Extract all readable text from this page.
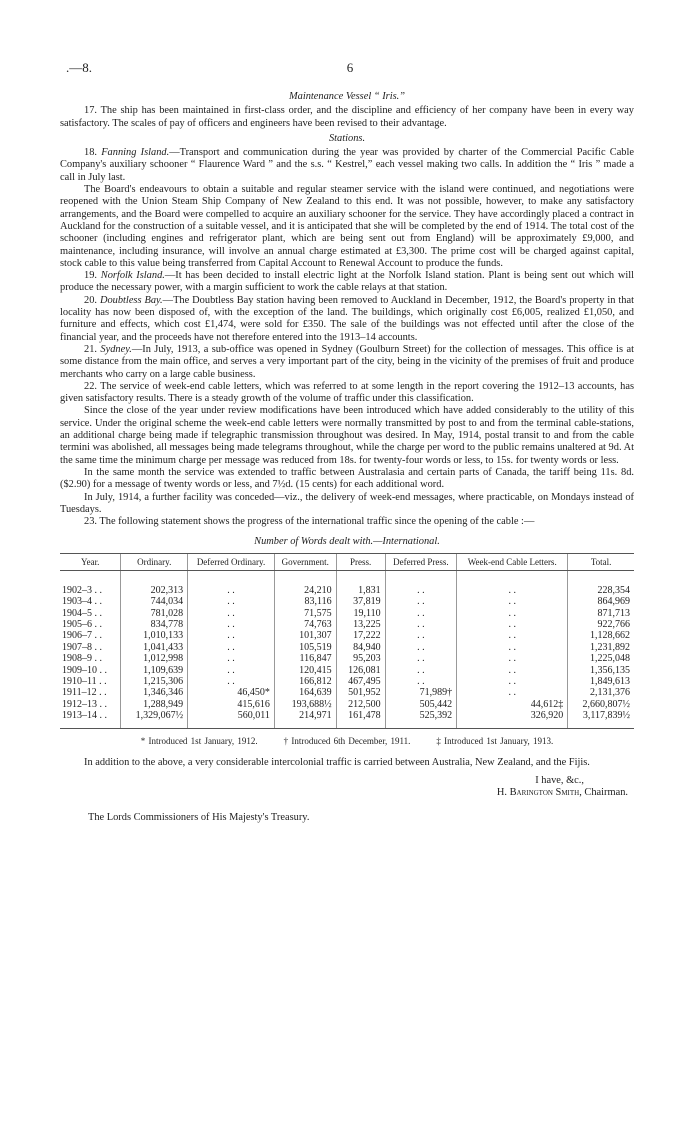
.—8.	6
Maintenance Vessel “ Iris.”

17. The ship has been maintained in first-class order, and the discipline and efficiency of her company have been in every way satisfactory. The scales of pay of officers and engineers have been revised to their advantage.

Stations.

18. Fanning Island.—Transport and communication during the year was provided by charter of the Commercial Pacific Cable Company's auxiliary schooner “ Flaurence Ward ” and the s.s. “ Kestrel,” each vessel making two calls. In addition the “ Iris ” made a call in July last.

The Board's endeavours to obtain a suitable and regular steamer service with the island were continued, and negotiations were reopened with the Union Steam Ship Company of New Zealand to this end. It was not possible, however, to make any satisfactory arrangements, and the Board were compelled to acquire an auxiliary schooner for the service. They have accordingly placed a contract in Auckland for the construction of a suitable vessel, and it is anticipated that she will be completed by the end of 1914. The total cost of the schooner (including engines and refrigerator plant, which are being sent out from England) will be approximately £9,000, and maintenance, including insurance, will involve an annual charge estimated at £3,300. The prime cost will be charged against capital, stock cable to this value being transferred from Capital Account to Renewal Account to produce the funds.

19. Norfolk Island.—It has been decided to install electric light at the Norfolk Island station. Plant is being sent out which will produce the necessary power, with a margin sufficient to work the cable relays at that station.

20. Doubtless Bay.—The Doubtless Bay station having been removed to Auckland in December, 1912, the Board's property in that locality has now been disposed of, with the exception of the land. The buildings, which originally cost £6,005, realized £1,050, and furniture and effects, which cost £1,474, were sold for £350. The sale of the buildings was not effected until after the close of the financial year, and the proceeds have not therefore entered into the 1913–14 accounts.

21. Sydney.—In July, 1913, a sub-office was opened in Sydney (Goulburn Street) for the collection of messages. This office is at some distance from the main office, and serves a very important part of the city, being in the vicinity of the premises of fruit and produce merchants who carry on a large cable business.

22. The service of week-end cable letters, which was referred to at some length in the report covering the 1912–13 accounts, has given satisfactory results. There is a steady growth of the volume of traffic under this classification.

Since the close of the year under review modifications have been introduced which have added considerably to the utility of this service. Under the original scheme the week-end cable letters were normally transmitted by post to and from the terminal cable-stations, an additional charge being made if telegraphic transmission throughout was desired. In May, 1914, postal transit to and from the cable termini was abolished, all messages being made telegrams throughout, while the charge per word to the public remains unaltered at 9d. At the same time the minimum charge per message was reduced from 18s. for twenty-four words or less, to 15s. for twenty words or less.

In the same month the service was extended to traffic between Australasia and certain parts of Canada, the tariff being 11s. 8d. ($2.90) for a message of twenty words or less, and 7½d. (15 cents) for each additional word.

In July, 1914, a further facility was conceded—viz., the delivery of week-end messages, where practicable, on Mondays instead of Tuesdays.

23. The following statement shows the progress of the international traffic since the opening of the cable :—

Number of Words dealt with.—International.
Year.	Ordinary.	Deferred Ordinary.	Government.	Press.	Deferred Press.	Week-end Cable Letters.	Total.

1902–3 . .	202,313	. .	24,210	1,831	. .	. .	228,354
1903–4 . .	744,034	. .	83,116	37,819	. .	. .	864,969
1904–5 . .	781,028	. .	71,575	19,110	. .	. .	871,713
1905–6 . .	834,778	. .	74,763	13,225	. .	. .	922,766
1906–7 . .	1,010,133	. .	101,307	17,222	. .	. .	1,128,662
1907–8 . .	1,041,433	. .	105,519	84,940	. .	. .	1,231,892
1908–9 . .	1,012,998	. .	116,847	95,203	. .	. .	1,225,048
1909–10 . .	1,109,639	. .	120,415	126,081	. .	. .	1,356,135
1910–11 . .	1,215,306	. .	166,812	467,495	. .	. .	1,849,613
1911–12 . .	1,346,346	46,450*	164,639	501,952	71,989†	. .	2,131,376
1912–13 . .	1,288,949	415,616	193,688½	212,500	505,442	44,612‡	2,660,807½
1913–14 . .	1,329,067½	560,011	214,971	161,478	525,392	326,920	3,117,839½
* Introduced 1st January, 1912.	† Introduced 6th December, 1911.	‡ Introduced 1st January, 1913.

In addition to the above, a very considerable intercolonial traffic is carried between Australia, New Zealand, and the Fijis.

I have, &c.,
H. Barington Smith, Chairman.
The Lords Commissioners of His Majesty's Treasury.
